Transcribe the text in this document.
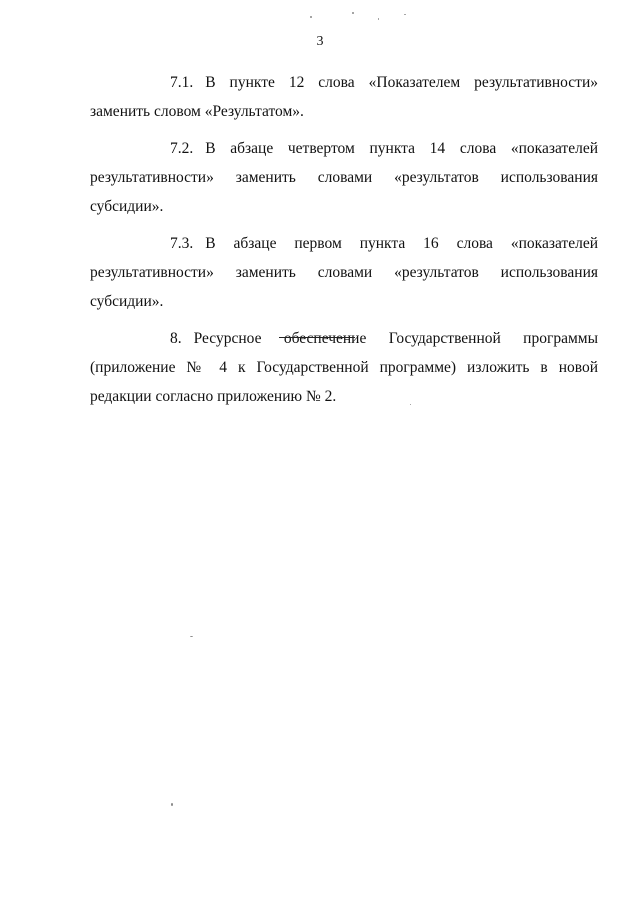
3

7.1. В пункте 12 слова «Показателем результативности» заменить словом «Результатом».

7.2. В абзаце четвертом пункта 14 слова «показателей результативности» заменить словами «результатов использования субсидии».

7.3. В абзаце первом пункта 16 слова «показателей результативности» заменить словами «результатов использования субсидии».

8. Ресурсное обеспечение Государственной программы (приложение № 4 к Государственной программе) изложить в новой редакции согласно приложению № 2.
